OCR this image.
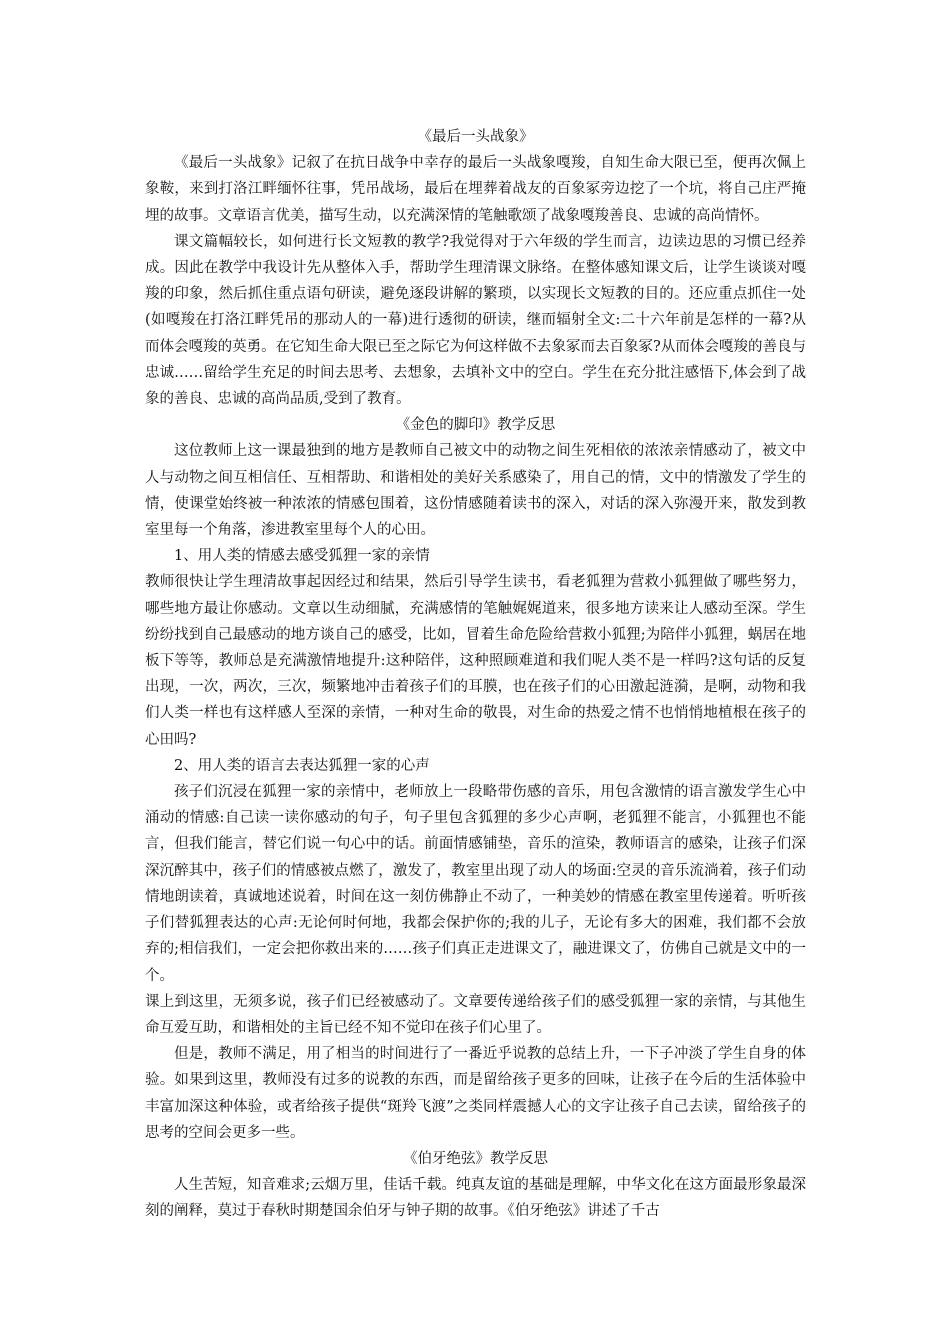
《最后一头战象》

《最后一头战象》记叙了在抗日战争中幸存的最后一头战象嘎羧，自知生命大限已至，便再次佩上象鞍，来到打洛江畔缅怀往事，凭吊战场，最后在埋葬着战友的百象冢旁边挖了一个坑，将自己庄严掩埋的故事。文章语言优美，描写生动，以充满深情的笔触歌颂了战象嘎羧善良、忠诚的高尚情怀。

课文篇幅较长，如何进行长文短教的教学?我觉得对于六年级的学生而言，边读边思的习惯已经养成。因此在教学中我设计先从整体入手，帮助学生理清课文脉络。在整体感知课文后，让学生谈谈对嘎羧的印象，然后抓住重点语句研读，避免逐段讲解的繁琐，以实现长文短教的目的。还应重点抓住一处(如嘎羧在打洛江畔凭吊的那动人的一幕)进行透彻的研读，继而辐射全文:二十六年前是怎样的一幕?从而体会嘎羧的英勇。在它知生命大限已至之际它为何这样做不去象冢而去百象冢?从而体会嘎羧的善良与忠诚……留给学生充足的时间去思考、去想象，去填补文中的空白。学生在充分批注感悟下,体会到了战象的善良、忠诚的高尚品质,受到了教育。

《金色的脚印》教学反思

这位教师上这一课最独到的地方是教师自己被文中的动物之间生死相依的浓浓亲情感动了，被文中人与动物之间互相信任、互相帮助、和谐相处的美好关系感染了，用自己的情，文中的情激发了学生的情，使课堂始终被一种浓浓的情感包围着，这份情感随着读书的深入，对话的深入弥漫开来，散发到教室里每一个角落，渗进教室里每个人的心田。

1、用人类的情感去感受狐狸一家的亲情

教师很快让学生理清故事起因经过和结果，然后引导学生读书，看老狐狸为营救小狐狸做了哪些努力，哪些地方最让你感动。文章以生动细腻，充满感情的笔触娓娓道来，很多地方读来让人感动至深。学生纷纷找到自己最感动的地方谈自己的感受，比如，冒着生命危险给营救小狐狸;为陪伴小狐狸，蜗居在地板下等等，教师总是充满激情地提升:这种陪伴，这种照顾难道和我们呢人类不是一样吗?这句话的反复出现，一次，两次，三次，频繁地冲击着孩子们的耳膜，也在孩子们的心田激起涟漪，是啊，动物和我们人类一样也有这样感人至深的亲情，一种对生命的敬畏，对生命的热爱之情不也悄悄地植根在孩子的心田吗?

2、用人类的语言去表达狐狸一家的心声

孩子们沉浸在狐狸一家的亲情中，老师放上一段略带伤感的音乐，用包含激情的语言激发学生心中涌动的情感:自己读一读你感动的句子，句子里包含狐狸的多少心声啊，老狐狸不能言，小狐狸也不能言，但我们能言，替它们说一句心中的话。前面情感铺垫，音乐的渲染，教师语言的感染，让孩子们深深沉醉其中，孩子们的情感被点燃了，激发了，教室里出现了动人的场面:空灵的音乐流淌着，孩子们动情地朗读着，真诚地述说着，时间在这一刻仿佛静止不动了，一种美妙的情感在教室里传递着。听听孩子们替狐狸表达的心声:无论何时何地，我都会保护你的;我的儿子，无论有多大的困难，我们都不会放弃的;相信我们，一定会把你救出来的……孩子们真正走进课文了，融进课文了，仿佛自己就是文中的一个。

课上到这里，无须多说，孩子们已经被感动了。文章要传递给孩子们的感受狐狸一家的亲情，与其他生命互爱互助，和谐相处的主旨已经不知不觉印在孩子们心里了。

但是，教师不满足，用了相当的时间进行了一番近乎说教的总结上升，一下子冲淡了学生自身的体验。如果到这里，教师没有过多的说教的东西，而是留给孩子更多的回味，让孩子在今后的生活体验中丰富加深这种体验，或者给孩子提供“斑羚飞渡”之类同样震撼人心的文字让孩子自己去读，留给孩子的思考的空间会更多一些。

《伯牙绝弦》教学反思

人生苦短，知音难求;云烟万里，佳话千载。纯真友谊的基础是理解，中华文化在这方面最形象最深刻的阐释，莫过于春秋时期楚国余伯牙与钟子期的故事。《伯牙绝弦》讲述了千古
